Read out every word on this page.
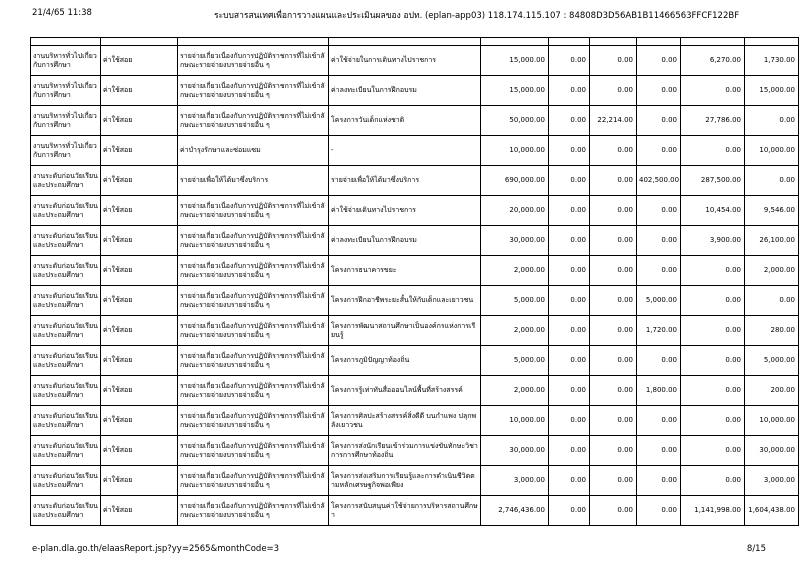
21/4/65 11:38	ระบบสารสนเทศเพื่อการวางแผนและประเมินผลของ อปท. (eplan-app03) 118.174.115.107 : 84808D3D56AB1B11466563FFCF122BF

งานบริหารทั่วไปเกี่ยวกับการศึกษา	ค่าใช้สอย	รายจ่ายเกี่ยวเนื่องกับการปฏิบัติราชการที่ไม่เข้าลักษณะรายจ่ายงบรายจ่ายอื่น ๆ	ค่าใช้จ่ายในการเดินทางไปราชการ	15,000.00	0.00	0.00	0.00	6,270.00	1,730.00
งานบริหารทั่วไปเกี่ยวกับการศึกษา	ค่าใช้สอย	รายจ่ายเกี่ยวเนื่องกับการปฏิบัติราชการที่ไม่เข้าลักษณะรายจ่ายงบรายจ่ายอื่น ๆ	ค่าลงทะเบียนในการฝึกอบรม	15,000.00	0.00	0.00	0.00	0.00	15,000.00
งานบริหารทั่วไปเกี่ยวกับการศึกษา	ค่าใช้สอย	รายจ่ายเกี่ยวเนื่องกับการปฏิบัติราชการที่ไม่เข้าลักษณะรายจ่ายงบรายจ่ายอื่น ๆ	โครงการวันเด็กแห่งชาติ	50,000.00	0.00	22,214.00	0.00	27,786.00	0.00
งานบริหารทั่วไปเกี่ยวกับการศึกษา	ค่าใช้สอย	ค่าบำรุงรักษาและซ่อมแซม	-	10,000.00	0.00	0.00	0.00	0.00	10,000.00
งานระดับก่อนวัยเรียนและประถมศึกษา	ค่าใช้สอย	รายจ่ายเพื่อให้ได้มาซึ่งบริการ	รายจ่ายเพื่อให้ได้มาซึ่งบริการ	690,000.00	0.00	0.00	402,500.00	287,500.00	0.00
งานระดับก่อนวัยเรียนและประถมศึกษา	ค่าใช้สอย	รายจ่ายเกี่ยวเนื่องกับการปฏิบัติราชการที่ไม่เข้าลักษณะรายจ่ายงบรายจ่ายอื่น ๆ	ค่าใช้จ่ายเดินทางไปราชการ	20,000.00	0.00	0.00	0.00	10,454.00	9,546.00
งานระดับก่อนวัยเรียนและประถมศึกษา	ค่าใช้สอย	รายจ่ายเกี่ยวเนื่องกับการปฏิบัติราชการที่ไม่เข้าลักษณะรายจ่ายงบรายจ่ายอื่น ๆ	ค่าลงทะเบียนในการฝึกอบรม	30,000.00	0.00	0.00	0.00	3,900.00	26,100.00
งานระดับก่อนวัยเรียนและประถมศึกษา	ค่าใช้สอย	รายจ่ายเกี่ยวเนื่องกับการปฏิบัติราชการที่ไม่เข้าลักษณะรายจ่ายงบรายจ่ายอื่น ๆ	โครงการธนาคารขยะ	2,000.00	0.00	0.00	0.00	0.00	2,000.00
งานระดับก่อนวัยเรียนและประถมศึกษา	ค่าใช้สอย	รายจ่ายเกี่ยวเนื่องกับการปฏิบัติราชการที่ไม่เข้าลักษณะรายจ่ายงบรายจ่ายอื่น ๆ	โครงการฝึกอาชีพระยะสั้นให้กับเด็กและเยาวชน	5,000.00	0.00	0.00	5,000.00	0.00	0.00
งานระดับก่อนวัยเรียนและประถมศึกษา	ค่าใช้สอย	รายจ่ายเกี่ยวเนื่องกับการปฏิบัติราชการที่ไม่เข้าลักษณะรายจ่ายงบรายจ่ายอื่น ๆ	โครงการพัฒนาสถานศึกษาเป็นองค์กรแห่งการเรียนรู้	2,000.00	0.00	0.00	1,720.00	0.00	280.00
งานระดับก่อนวัยเรียนและประถมศึกษา	ค่าใช้สอย	รายจ่ายเกี่ยวเนื่องกับการปฏิบัติราชการที่ไม่เข้าลักษณะรายจ่ายงบรายจ่ายอื่น ๆ	โครงการภูมิปัญญาท้องถิ่น	5,000.00	0.00	0.00	0.00	0.00	5,000.00
งานระดับก่อนวัยเรียนและประถมศึกษา	ค่าใช้สอย	รายจ่ายเกี่ยวเนื่องกับการปฏิบัติราชการที่ไม่เข้าลักษณะรายจ่ายงบรายจ่ายอื่น ๆ	โครงการรู้เท่าทันสื่อออนไลน์พื้นที่สร้างสรรค์	2,000.00	0.00	0.00	1,800.00	0.00	200.00
งานระดับก่อนวัยเรียนและประถมศึกษา	ค่าใช้สอย	รายจ่ายเกี่ยวเนื่องกับการปฏิบัติราชการที่ไม่เข้าลักษณะรายจ่ายงบรายจ่ายอื่น ๆ	โครงการศิลปะสร้างสรรค์สิ่งดีดี บนกำแพง ปลุกพลังเยาวชน	10,000.00	0.00	0.00	0.00	0.00	10,000.00
งานระดับก่อนวัยเรียนและประถมศึกษา	ค่าใช้สอย	รายจ่ายเกี่ยวเนื่องกับการปฏิบัติราชการที่ไม่เข้าลักษณะรายจ่ายงบรายจ่ายอื่น ๆ	โครงการส่งนักเรียนเข้าร่วมการแข่งขันทักษะวิชาการการศึกษาท้องถิ่น	30,000.00	0.00	0.00	0.00	0.00	30,000.00
งานระดับก่อนวัยเรียนและประถมศึกษา	ค่าใช้สอย	รายจ่ายเกี่ยวเนื่องกับการปฏิบัติราชการที่ไม่เข้าลักษณะรายจ่ายงบรายจ่ายอื่น ๆ	โครงการส่งเสริมการเรียนรู้และการดำเนินชีวิตตามหลักเศรษฐกิจพอเพียง	3,000.00	0.00	0.00	0.00	0.00	3,000.00
งานระดับก่อนวัยเรียนและประถมศึกษา	ค่าใช้สอย	รายจ่ายเกี่ยวเนื่องกับการปฏิบัติราชการที่ไม่เข้าลักษณะรายจ่ายงบรายจ่ายอื่น ๆ	โครงการสนับสนุนค่าใช้จ่ายการบริหารสถานศึกษา	2,746,436.00	0.00	0.00	0.00	1,141,998.00	1,604,438.00
e-plan.dla.go.th/elaasReport.jsp?yy=2565&monthCode=3	8/15
